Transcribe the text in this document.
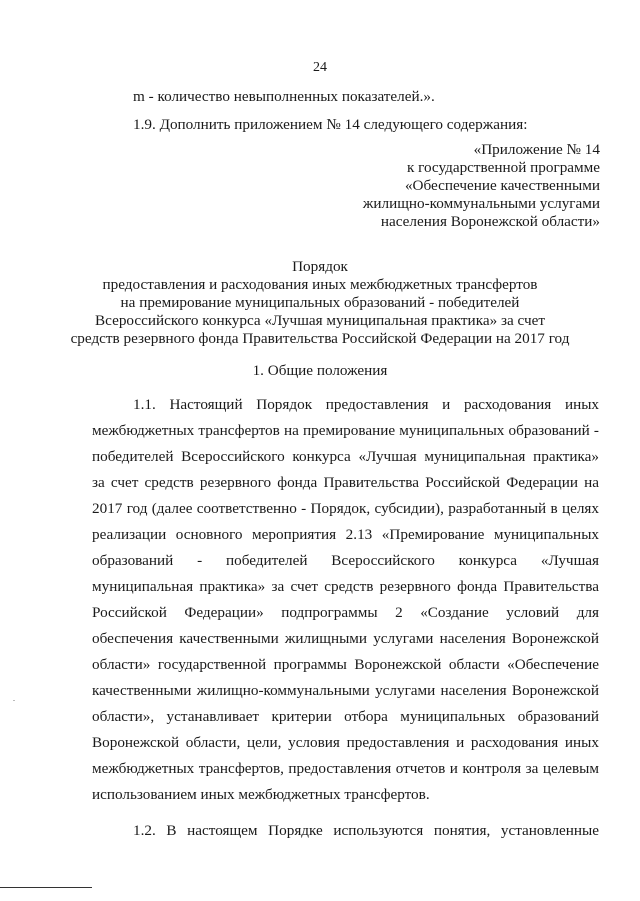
24
m - количество невыполненных показателей.».
1.9. Дополнить приложением № 14 следующего содержания:
«Приложение № 14
к государственной программе
«Обеспечение качественными
жилищно-коммунальными услугами
населения Воронежской области»
Порядок
предоставления и расходования иных межбюджетных трансфертов
на премирование муниципальных образований - победителей
Всероссийского конкурса «Лучшая муниципальная практика» за счет
средств резервного фонда Правительства Российской Федерации на 2017 год
1. Общие положения
1.1. Настоящий Порядок предоставления и расходования иных
межбюджетных трансфертов на премирование муниципальных образований -
победителей Всероссийского конкурса «Лучшая муниципальная практика»
за счет средств резервного фонда Правительства Российской Федерации на
2017 год (далее соответственно - Порядок, субсидии), разработанный в целях
реализации основного мероприятия 2.13 «Премирование муниципальных
образований - победителей Всероссийского конкурса «Лучшая
муниципальная практика» за счет средств резервного фонда Правительства
Российской Федерации» подпрограммы 2 «Создание условий для
обеспечения качественными жилищными услугами населения Воронежской
области» государственной программы Воронежской области «Обеспечение
качественными жилищно-коммунальными услугами населения Воронежской
области», устанавливает критерии отбора муниципальных образований
Воронежской области, цели, условия предоставления и расходования иных
межбюджетных трансфертов, предоставления отчетов и контроля за целевым
использованием иных межбюджетных трансфертов.
1.2. В настоящем Порядке используются понятия, установленные
